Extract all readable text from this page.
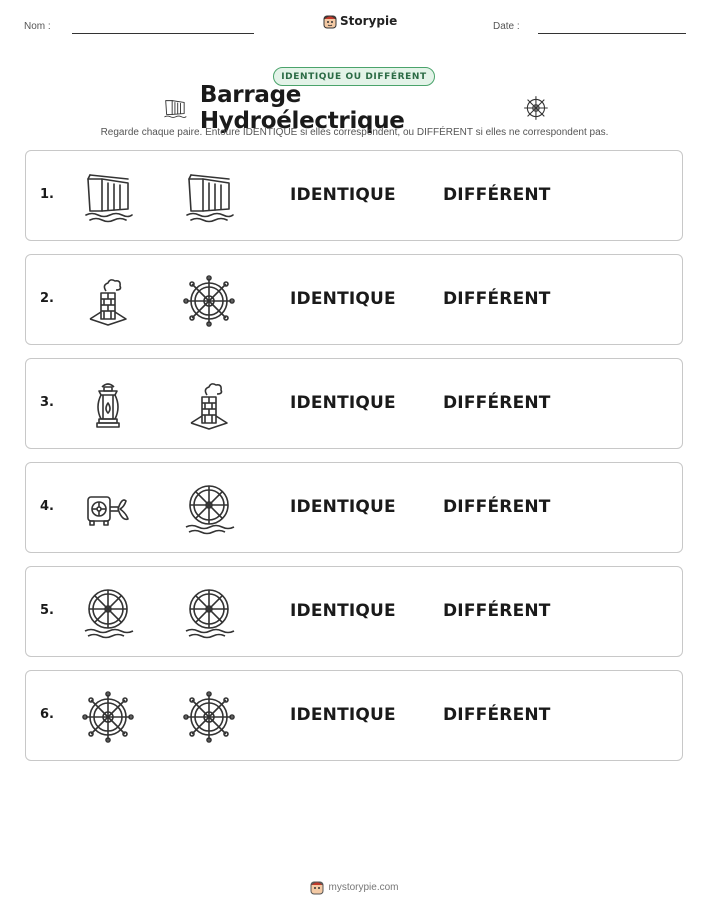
Nom :	Storypie	Date :
IDENTIQUE OU DIFFÉRENT
Barrage Hydroélectrique
Regarde chaque paire. Entoure IDENTIQUE si elles correspondent, ou DIFFÉRENT si elles ne correspondent pas.
1.	IDENTIQUE	DIFFÉRENT
2.	IDENTIQUE	DIFFÉRENT
3.	IDENTIQUE	DIFFÉRENT
4.	IDENTIQUE	DIFFÉRENT
5.	IDENTIQUE	DIFFÉRENT
6.	IDENTIQUE	DIFFÉRENT
mystorypie.com
